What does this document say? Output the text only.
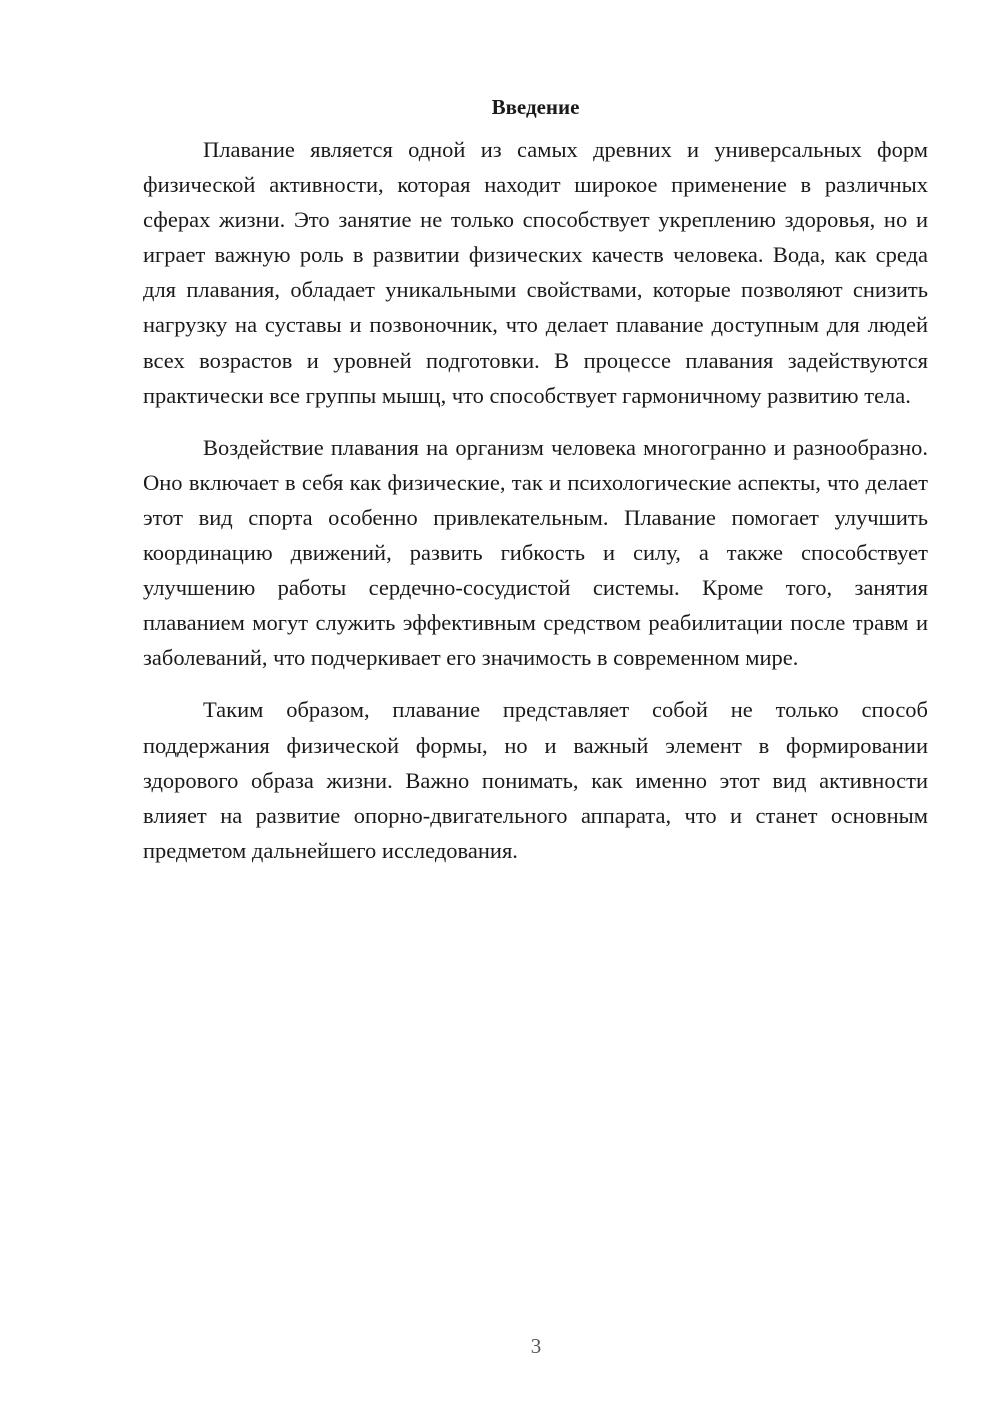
Введение

Плавание является одной из самых древних и универсальных форм физической активности, которая находит широкое применение в различных сферах жизни. Это занятие не только способствует укреплению здоровья, но и играет важную роль в развитии физических качеств человека. Вода, как среда для плавания, обладает уникальными свойствами, которые позволяют снизить нагрузку на суставы и позвоночник, что делает плавание доступным для людей всех возрастов и уровней подготовки. В процессе плавания задействуются практически все группы мышц, что способствует гармоничному развитию тела.

Воздействие плавания на организм человека многогранно и разнообразно. Оно включает в себя как физические, так и психологические аспекты, что делает этот вид спорта особенно привлекательным. Плавание помогает улучшить координацию движений, развить гибкость и силу, а также способствует улучшению работы сердечно-сосудистой системы. Кроме того, занятия плаванием могут служить эффективным средством реабилитации после травм и заболеваний, что подчеркивает его значимость в современном мире.

Таким образом, плавание представляет собой не только способ поддержания физической формы, но и важный элемент в формировании здорового образа жизни. Важно понимать, как именно этот вид активности влияет на развитие опорно-двигательного аппарата, что и станет основным предметом дальнейшего исследования.

3
